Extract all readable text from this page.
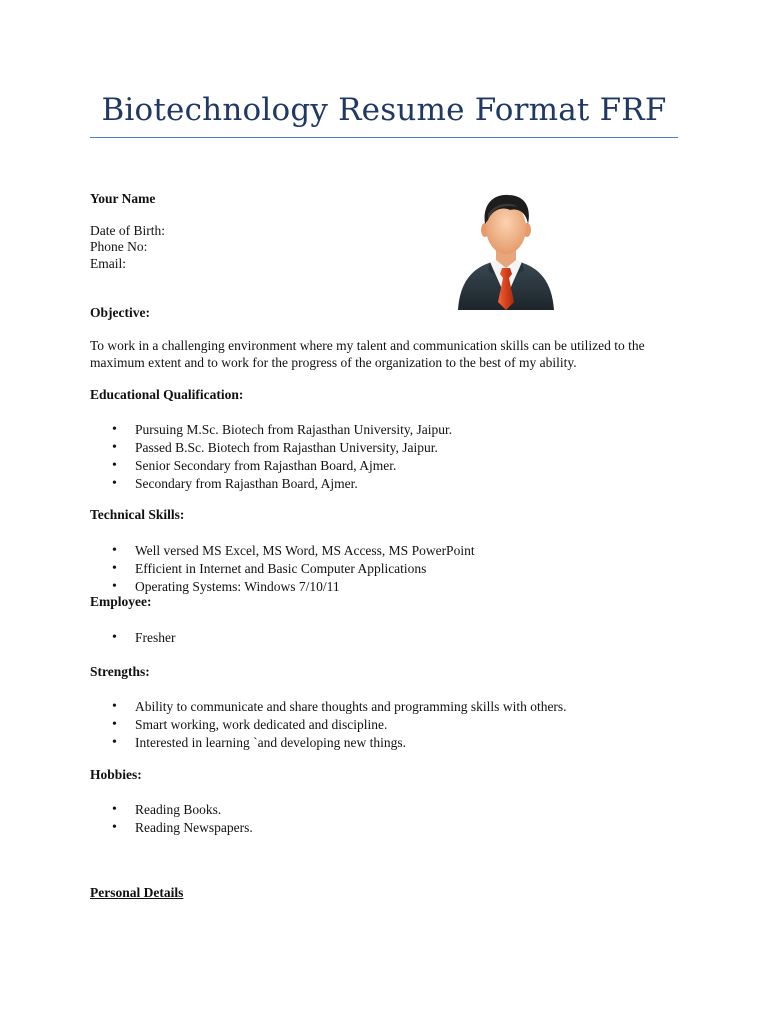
Biotechnology Resume Format FRF
Your Name
Date of Birth:
Phone No:
Email:
Objective:
To work in a challenging environment where my talent and communication skills can be utilized to the
maximum extent and to work for the progress of the organization to the best of my ability.
Educational Qualification:
• Pursuing M.Sc. Biotech from Rajasthan University, Jaipur.
• Passed B.Sc. Biotech from Rajasthan University, Jaipur.
• Senior Secondary from Rajasthan Board, Ajmer.
• Secondary from Rajasthan Board, Ajmer.
Technical Skills:
• Well versed MS Excel, MS Word, MS Access, MS PowerPoint
• Efficient in Internet and Basic Computer Applications
• Operating Systems: Windows 7/10/11
Employee:
• Fresher
Strengths:
• Ability to communicate and share thoughts and programming skills with others.
• Smart working, work dedicated and discipline.
• Interested in learning `and developing new things.
Hobbies:
• Reading Books.
• Reading Newspapers.
Personal Details
